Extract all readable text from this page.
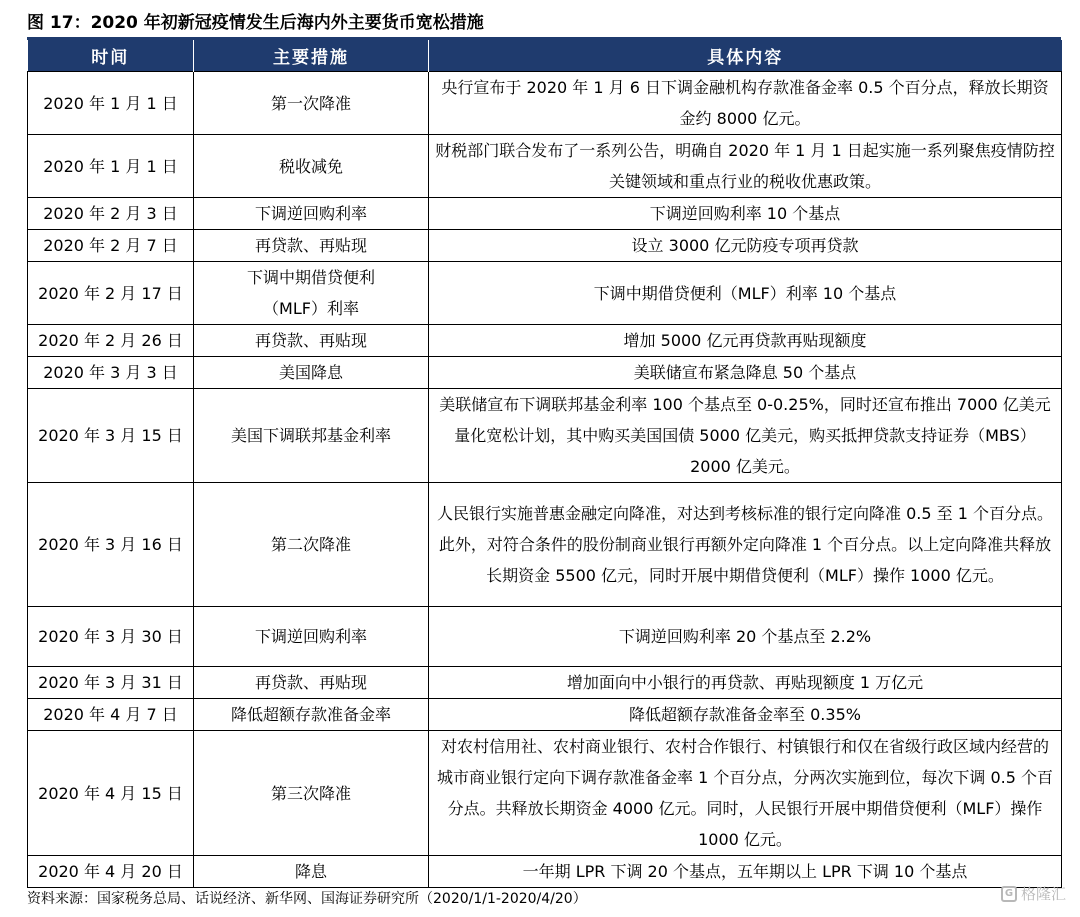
图 17：2020 年初新冠疫情发生后海内外主要货币宽松措施
时间	主要措施	具体内容
2020 年 1 月 1 日	第一次降准	央行宣布于 2020 年 1 月 6 日下调金融机构存款准备金率 0.5 个百分点，释放长期资金约 8000 亿元。
2020 年 1 月 1 日	税收减免	财税部门联合发布了一系列公告，明确自 2020 年 1 月 1 日起实施一系列聚焦疫情防控关键领域和重点行业的税收优惠政策。
2020 年 2 月 3 日	下调逆回购利率	下调逆回购利率 10 个基点
2020 年 2 月 7 日	再贷款、再贴现	设立 3000 亿元防疫专项再贷款
2020 年 2 月 17 日	下调中期借贷便利（MLF）利率	下调中期借贷便利（MLF）利率 10 个基点
2020 年 2 月 26 日	再贷款、再贴现	增加 5000 亿元再贷款再贴现额度
2020 年 3 月 3 日	美国降息	美联储宣布紧急降息 50 个基点
2020 年 3 月 15 日	美国下调联邦基金利率	美联储宣布下调联邦基金利率 100 个基点至 0-0.25%，同时还宣布推出 7000 亿美元量化宽松计划，其中购买美国国债 5000 亿美元，购买抵押贷款支持证券（MBS）2000 亿美元。
2020 年 3 月 16 日	第二次降准	人民银行实施普惠金融定向降准，对达到考核标准的银行定向降准 0.5 至 1 个百分点。此外，对符合条件的股份制商业银行再额外定向降准 1 个百分点。以上定向降准共释放长期资金 5500 亿元，同时开展中期借贷便利（MLF）操作 1000 亿元。
2020 年 3 月 30 日	下调逆回购利率	下调逆回购利率 20 个基点至 2.2%
2020 年 3 月 31 日	再贷款、再贴现	增加面向中小银行的再贷款、再贴现额度 1 万亿元
2020 年 4 月 7 日	降低超额存款准备金率	降低超额存款准备金率至 0.35%
2020 年 4 月 15 日	第三次降准	对农村信用社、农村商业银行、农村合作银行、村镇银行和仅在省级行政区域内经营的城市商业银行定向下调存款准备金率 1 个百分点，分两次实施到位，每次下调 0.5 个百分点。共释放长期资金 4000 亿元。同时，人民银行开展中期借贷便利（MLF）操作 1000 亿元。
2020 年 4 月 20 日	降息	一年期 LPR 下调 20 个基点，五年期以上 LPR 下调 10 个基点
资料来源：国家税务总局、话说经济、新华网、国海证券研究所（2020/1/1-2020/4/20）	G 格隆汇
